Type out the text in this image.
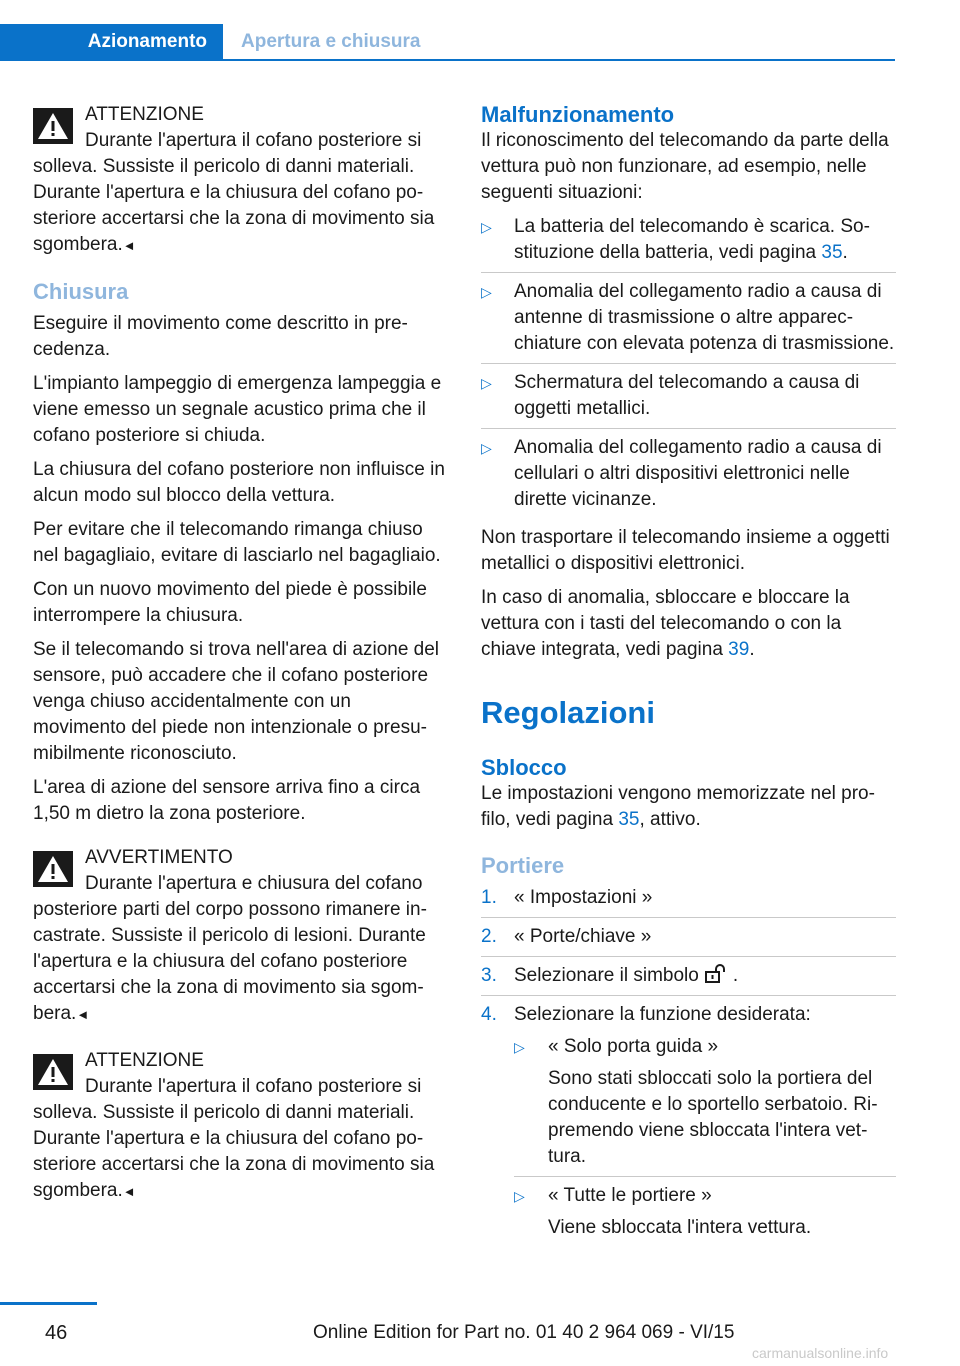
Azionamento	Apertura e chiusura

ATTENZIONE

Durante l'apertura il cofano posteriore si solleva. Sussiste il pericolo di danni materiali. Durante l'apertura e la chiusura del cofano posteriore accertarsi che la zona di movimento sia sgombera.◄

Chiusura

Eseguire il movimento come descritto in precedenza.

L'impianto lampeggio di emergenza lampeggia e viene emesso un segnale acustico prima che il cofano posteriore si chiuda.

La chiusura del cofano posteriore non influisce in alcun modo sul blocco della vettura.

Per evitare che il telecomando rimanga chiuso nel bagagliaio, evitare di lasciarlo nel bagagliaio.

Con un nuovo movimento del piede è possibile interrompere la chiusura.

Se il telecomando si trova nell'area di azione del sensore, può accadere che il cofano posteriore venga chiuso accidentalmente con un movimento del piede non intenzionale o presumibilmente riconosciuto.

L'area di azione del sensore arriva fino a circa 1,50 m dietro la zona posteriore.

AVVERTIMENTO

Durante l'apertura e chiusura del cofano posteriore parti del corpo possono rimanere incastrate. Sussiste il pericolo di lesioni. Durante l'apertura e la chiusura del cofano posteriore accertarsi che la zona di movimento sia sgombera.◄

ATTENZIONE

Durante l'apertura il cofano posteriore si solleva. Sussiste il pericolo di danni materiali. Durante l'apertura e la chiusura del cofano posteriore accertarsi che la zona di movimento sia sgombera.◄

Malfunzionamento

Il riconoscimento del telecomando da parte della vettura può non funzionare, ad esempio, nelle seguenti situazioni:

▷ La batteria del telecomando è scarica. Sostituzione della batteria, vedi pagina 35.
▷ Anomalia del collegamento radio a causa di antenne di trasmissione o altre apparecchiature con elevata potenza di trasmissione.
▷ Schermatura del telecomando a causa di oggetti metallici.
▷ Anomalia del collegamento radio a causa di cellulari o altri dispositivi elettronici nelle dirette vicinanze.

Non trasportare il telecomando insieme a oggetti metallici o dispositivi elettronici.

In caso di anomalia, sbloccare e bloccare la vettura con i tasti del telecomando o con la chiave integrata, vedi pagina 39.

Regolazioni

Sblocco

Le impostazioni vengono memorizzate nel profilo, vedi pagina 35, attivo.

Portiere

1. « Impostazioni »
2. « Porte/chiave »
3. Selezionare il simbolo .
4. Selezionare la funzione desiderata:
▷ « Solo porta guida »

Sono stati sbloccati solo la portiera del conducente e lo sportello serbatoio. Ripremendo viene sbloccata l'intera vettura.

▷ « Tutte le portiere »

Viene sbloccata l'intera vettura.

46	Online Edition for Part no. 01 40 2 964 069 - VI/15
carmanualsonline.info
